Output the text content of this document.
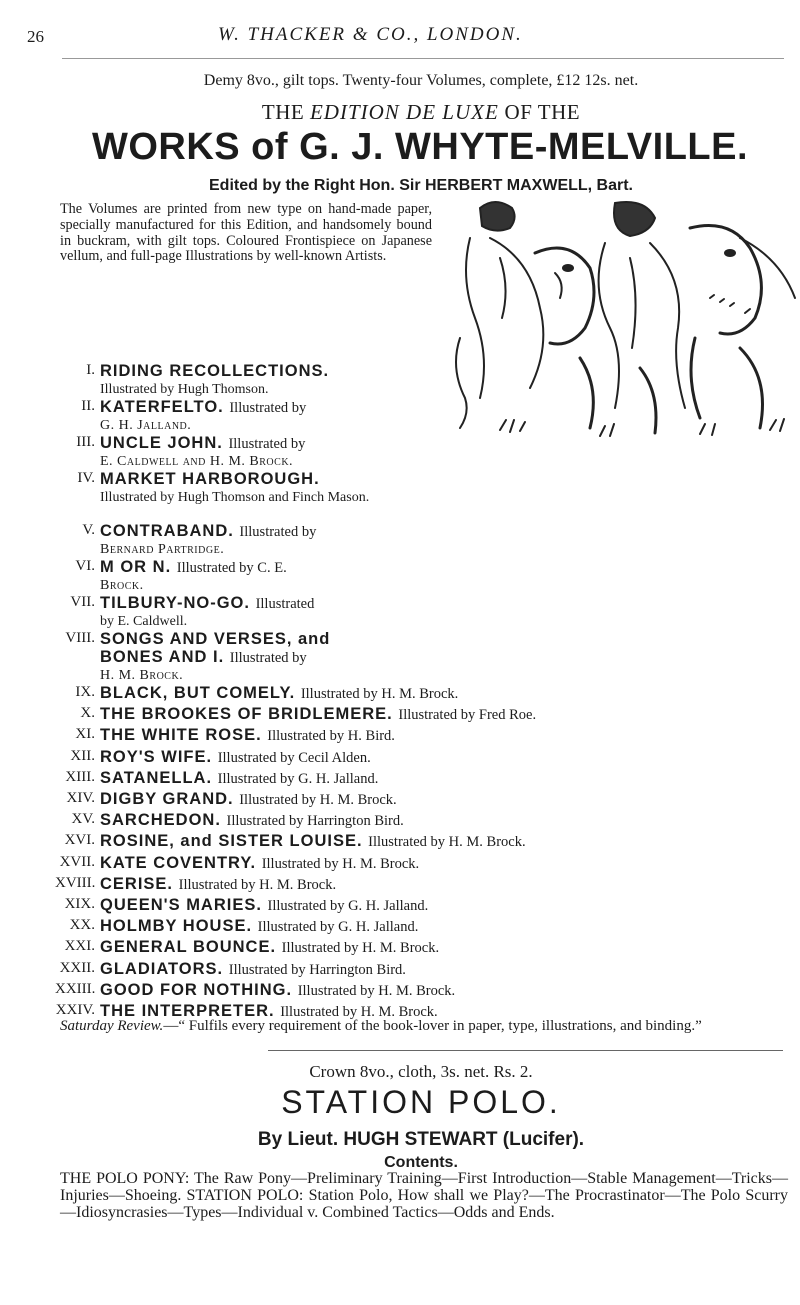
26	W. THACKER & CO., LONDON.
Demy 8vo., gilt tops. Twenty-four Volumes, complete, £12 12s. net.
THE EDITION DE LUXE OF THE
WORKS of G. J. WHYTE-MELVILLE.
Edited by the Right Hon. Sir HERBERT MAXWELL, Bart.
The Volumes are printed from new type on hand-made paper, specially manufactured for this Edition, and handsomely bound in buckram, with gilt tops. Coloured Frontispiece on Japanese vellum, and full-page Illustrations by well-known Artists.
I. RIDING RECOLLECTIONS.
Illustrated by Hugh Thomson.
II. KATERFELTO. Illustrated by
G. H. Jalland.
III. UNCLE JOHN. Illustrated by
E. Caldwell and H. M. Brock.
IV. MARKET HARBOROUGH.
Illustrated by Hugh Thomson and Finch Mason.
V. CONTRABAND. Illustrated by
Bernard Partridge.
VI. M OR N. Illustrated by C. E.
Brock.
VII. TILBURY-NO-GO. Illustrated
by E. Caldwell.
VIII. SONGS AND VERSES, and
BONES AND I. Illustrated by
H. M. Brock.
IX. BLACK, BUT COMELY. Illustrated by H. M. Brock.
X. THE BROOKES OF BRIDLEMERE. Illustrated by Fred Roe.
XI. THE WHITE ROSE. Illustrated by H. Bird.
XII. ROY'S WIFE. Illustrated by Cecil Alden.
XIII. SATANELLA. Illustrated by G. H. Jalland.
XIV. DIGBY GRAND. Illustrated by H. M. Brock.
XV. SARCHEDON. Illustrated by Harrington Bird.
XVI. ROSINE, and SISTER LOUISE. Illustrated by H. M. Brock.
XVII. KATE COVENTRY. Illustrated by H. M. Brock.
XVIII. CERISE. Illustrated by H. M. Brock.
XIX. QUEEN'S MARIES. Illustrated by G. H. Jalland.
XX. HOLMBY HOUSE. Illustrated by G. H. Jalland.
XXI. GENERAL BOUNCE. Illustrated by H. M. Brock.
XXII. GLADIATORS. Illustrated by Harrington Bird.
XXIII. GOOD FOR NOTHING. Illustrated by H. M. Brock.
XXIV. THE INTERPRETER. Illustrated by H. M. Brock.
Saturday Review.—“ Fulfils every requirement of the book-lover in paper, type, illustrations, and binding.”
Crown 8vo., cloth, 3s. net. Rs. 2.
STATION POLO.
By Lieut. HUGH STEWART (Lucifer).
Contents.
THE POLO PONY: The Raw Pony—Preliminary Training—First Introduction—Stable Management—Tricks—Injuries—Shoeing. STATION POLO: Station Polo, How shall we Play?—The Procrastinator—The Polo Scurry—Idiosyncrasies—Types—Individual v. Combined Tactics—Odds and Ends.
